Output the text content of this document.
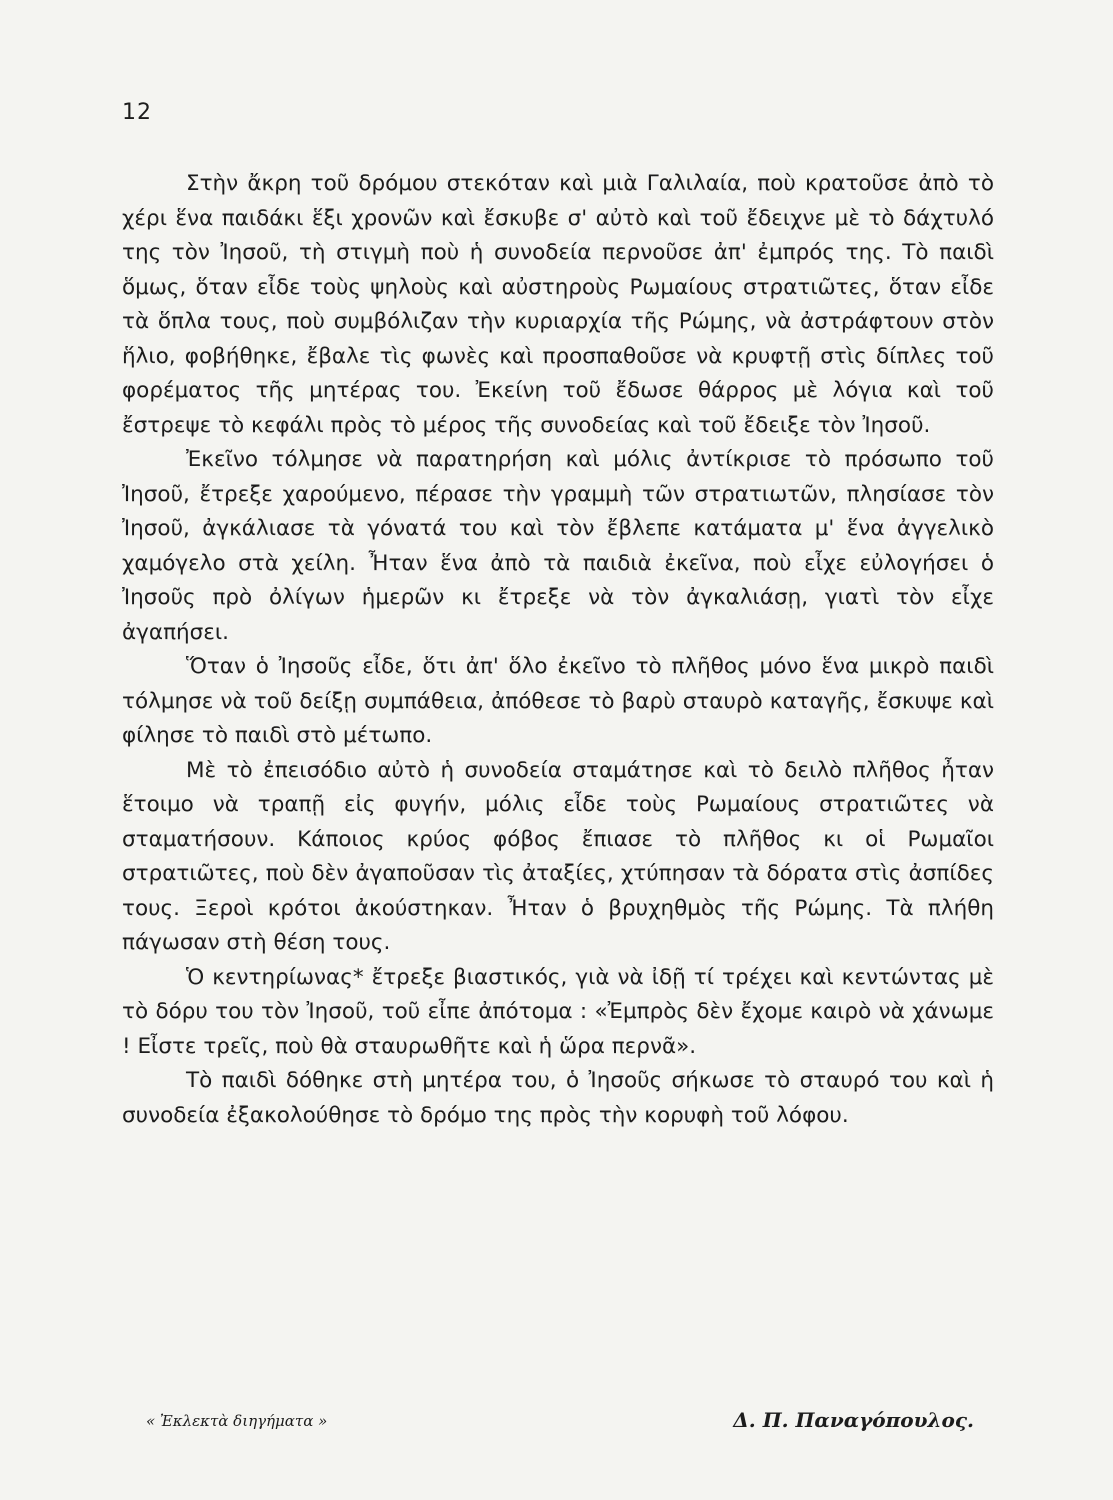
12

Στὴν ἄκρη τοῦ δρόμου στεκόταν καὶ μιὰ Γαλιλαία, ποὺ κρατοῦσε ἀπὸ τὸ χέρι ἕνα παιδάκι ἕξι χρονῶν καὶ ἔσκυβε σ' αὐτὸ καὶ τοῦ ἔδειχνε μὲ τὸ δάχτυλό της τὸν Ἰησοῦ, τὴ στιγμὴ ποὺ ἡ συνοδεία περνοῦσε ἀπ' ἐμπρός της. Τὸ παιδὶ ὅμως, ὅταν εἶδε τοὺς ψηλοὺς καὶ αὐστηροὺς Ρωμαίους στρατιῶτες, ὅταν εἶδε τὰ ὅπλα τους, ποὺ συμβόλιζαν τὴν κυριαρχία τῆς Ρώμης, νὰ ἀστράφτουν στὸν ἥλιο, φοβήθηκε, ἔβαλε τὶς φωνὲς καὶ προσπαθοῦσε νὰ κρυφτῇ στὶς δίπλες τοῦ φορέματος τῆς μητέρας του. Ἐκείνη τοῦ ἔδωσε θάρρος μὲ λόγια καὶ τοῦ ἔστρεψε τὸ κεφάλι πρὸς τὸ μέρος τῆς συνοδείας καὶ τοῦ ἔδειξε τὸν Ἰησοῦ.

Ἐκεῖνο τόλμησε νὰ παρατηρήση καὶ μόλις ἀντίκρισε τὸ πρόσωπο τοῦ Ἰησοῦ, ἔτρεξε χαρούμενο, πέρασε τὴν γραμμὴ τῶν στρατιωτῶν, πλησίασε τὸν Ἰησοῦ, ἀγκάλιασε τὰ γόνατά του καὶ τὸν ἔβλεπε κατάματα μ' ἕνα ἀγγελικὸ χαμόγελο στὰ χείλη. Ἦταν ἕνα ἀπὸ τὰ παιδιὰ ἐκεῖνα, ποὺ εἶχε εὐλογήσει ὁ Ἰησοῦς πρὸ ὀλίγων ἡμερῶν κι ἔτρεξε νὰ τὸν ἀγκαλιάσῃ, γιατὶ τὸν εἶχε ἀγαπήσει.

Ὅταν ὁ Ἰησοῦς εἶδε, ὅτι ἀπ' ὅλο ἐκεῖνο τὸ πλῆθος μόνο ἕνα μικρὸ παιδὶ τόλμησε νὰ τοῦ δείξῃ συμπάθεια, ἀπόθεσε τὸ βαρὺ σταυρὸ καταγῆς, ἔσκυψε καὶ φίλησε τὸ παιδὶ στὸ μέτωπο.

Μὲ τὸ ἐπεισόδιο αὐτὸ ἡ συνοδεία σταμάτησε καὶ τὸ δειλὸ πλῆθος ἦταν ἕτοιμο νὰ τραπῇ εἰς φυγήν, μόλις εἶδε τοὺς Ρωμαίους στρατιῶτες νὰ σταματήσουν. Κάποιος κρύος φόβος ἔπιασε τὸ πλῆθος κι οἱ Ρωμαῖοι στρατιῶτες, ποὺ δὲν ἀγαποῦσαν τὶς ἀταξίες, χτύπησαν τὰ δόρατα στὶς ἀσπίδες τους. Ξεροὶ κρότοι ἀκούστηκαν. Ἦταν ὁ βρυχηθμὸς τῆς Ρώμης. Τὰ πλήθη πάγωσαν στὴ θέση τους.

Ὁ κεντηρίωνας* ἔτρεξε βιαστικός, γιὰ νὰ ἰδῇ τί τρέχει καὶ κεντώντας μὲ τὸ δόρυ του τὸν Ἰησοῦ, τοῦ εἶπε ἀπότομα : «Ἐμπρὸς δὲν ἔχομε καιρὸ νὰ χάνωμε ! Εἶστε τρεῖς, ποὺ θὰ σταυρωθῆτε καὶ ἡ ὥρα περνᾶ».

Τὸ παιδὶ δόθηκε στὴ μητέρα του, ὁ Ἰησοῦς σήκωσε τὸ σταυρό του καὶ ἡ συνοδεία ἐξακολούθησε τὸ δρόμο της πρὸς τὴν κορυφὴ τοῦ λόφου.

« Ἐκλεκτὰ διηγήματα »	Δ. Π. Παναγόπουλος.
